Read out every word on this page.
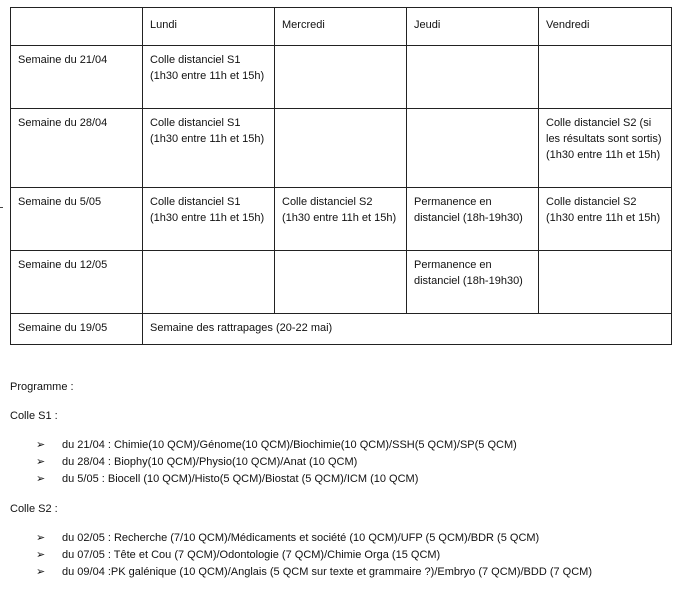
	Lundi	Mercredi	Jeudi	Vendredi
Semaine du 21/04	Colle distanciel S1 (1h30 entre 11h et 15h)			
Semaine du 28/04	Colle distanciel S1 (1h30 entre 11h et 15h)			Colle distanciel S2 (si les résultats sont sortis) (1h30 entre 11h et 15h)
Semaine du 5/05	Colle distanciel S1 (1h30 entre 11h et 15h)	Colle distanciel S2 (1h30 entre 11h et 15h)	Permanence en distanciel (18h-19h30)	Colle distanciel S2 (1h30 entre 11h et 15h)
Semaine du 12/05			Permanence en distanciel (18h-19h30)	
Semaine du 19/05	Semaine des rattrapages (20-22 mai)			
Programme :
Colle S1 :
➢ du 21/04 : Chimie(10 QCM)/Génome(10 QCM)/Biochimie(10 QCM)/SSH(5 QCM)/SP(5 QCM)
➢ du 28/04 : Biophy(10 QCM)/Physio(10 QCM)/Anat (10 QCM)
➢ du 5/05 : Biocell (10 QCM)/Histo(5 QCM)/Biostat (5 QCM)/ICM (10 QCM)
Colle S2 :
➢ du 02/05 : Recherche (7/10 QCM)/Médicaments et société (10 QCM)/UFP (5 QCM)/BDR (5 QCM)
➢ du 07/05 : Tête et Cou (7 QCM)/Odontologie (7 QCM)/Chimie Orga (15 QCM)
➢ du 09/04 :PK galénique (10 QCM)/Anglais (5 QCM sur texte et grammaire ?)/Embryo (7 QCM)/BDD (7 QCM)
